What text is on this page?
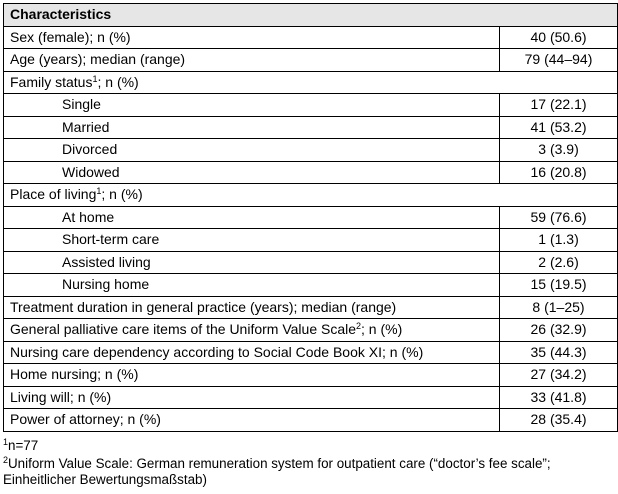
Characteristics	
Sex (female); n (%)	40 (50.6)
Age (years); median (range)	79 (44–94)
Family status$^1$; n (%)	
Single	17 (22.1)
Married	41 (53.2)
Divorced	3 (3.9)
Widowed	16 (20.8)
Place of living$^1$; n (%)	
At home	59 (76.6)
Short-term care	1 (1.3)
Assisted living	2 (2.6)
Nursing home	15 (19.5)
Treatment duration in general practice (years); median (range)	8 (1–25)
General palliative care items of the Uniform Value Scale$^2$; n (%)	26 (32.9)
Nursing care dependency according to Social Code Book XI; n (%)	35 (44.3)
Home nursing; n (%)	27 (34.2)
Living will; n (%)	33 (41.8)
Power of attorney; n (%)	28 (35.4)
$^1$n=77
$^2$Uniform Value Scale: German remuneration system for outpatient care (“doctor’s fee scale”; Einheitlicher Bewertungsmaßstab)
